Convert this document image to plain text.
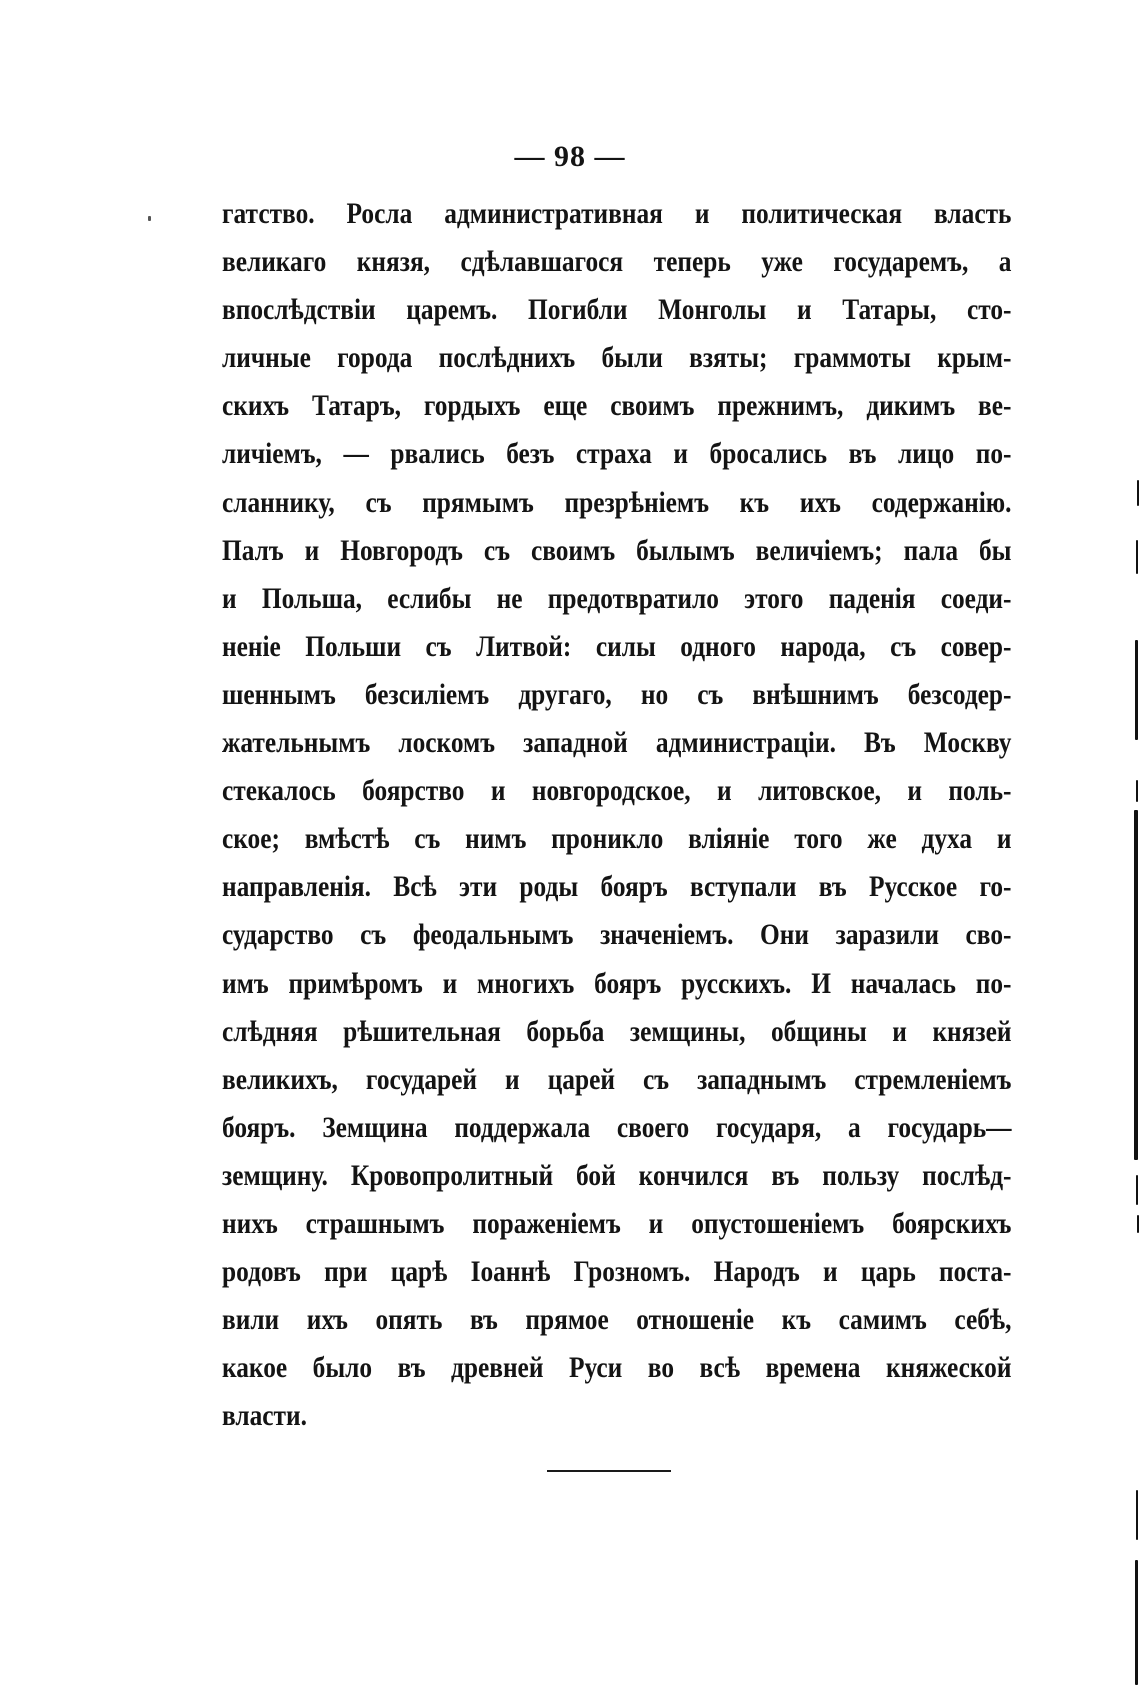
— 98 —
гатство. Росла административная и политическая власть
великаго князя, сдѣлавшагося теперь уже государемъ, а
впослѣдствіи царемъ. Погибли Монголы и Татары, сто-
личные города послѣднихъ были взяты; граммоты крым-
скихъ Татаръ, гордыхъ еще своимъ прежнимъ, дикимъ ве-
личіемъ, — рвались безъ страха и бросались въ лицо по-
сланнику, съ прямымъ презрѣніемъ къ ихъ содержанію.
Палъ и Новгородъ съ своимъ былымъ величіемъ; пала бы
и Польша, еслибы не предотвратило этого паденія соеди-
неніе Польши съ Литвой: силы одного народа, съ совер-
шеннымъ безсиліемъ другаго, но съ внѣшнимъ безсодер-
жательнымъ лоскомъ западной администраціи. Въ Москву
стекалось боярство и новгородское, и литовское, и поль-
ское; вмѣстѣ съ нимъ проникло вліяніе того же духа и
направленія. Всѣ эти роды бояръ вступали въ Русское го-
сударство съ феодальнымъ значеніемъ. Они заразили сво-
имъ примѣромъ и многихъ бояръ русскихъ. И началась по-
слѣдняя рѣшительная борьба земщины, общины и князей
великихъ, государей и царей съ западнымъ стремленіемъ
бояръ. Земщина поддержала своего государя, а государь—
земщину. Кровопролитный бой кончился въ пользу послѣд-
нихъ страшнымъ пораженіемъ и опустошеніемъ боярскихъ
родовъ при царѣ Іоаннѣ Грозномъ. Народъ и царь поста-
вили ихъ опять въ прямое отношеніе къ самимъ себѣ,
какое было въ древней Руси во всѣ времена княжеской
власти.
